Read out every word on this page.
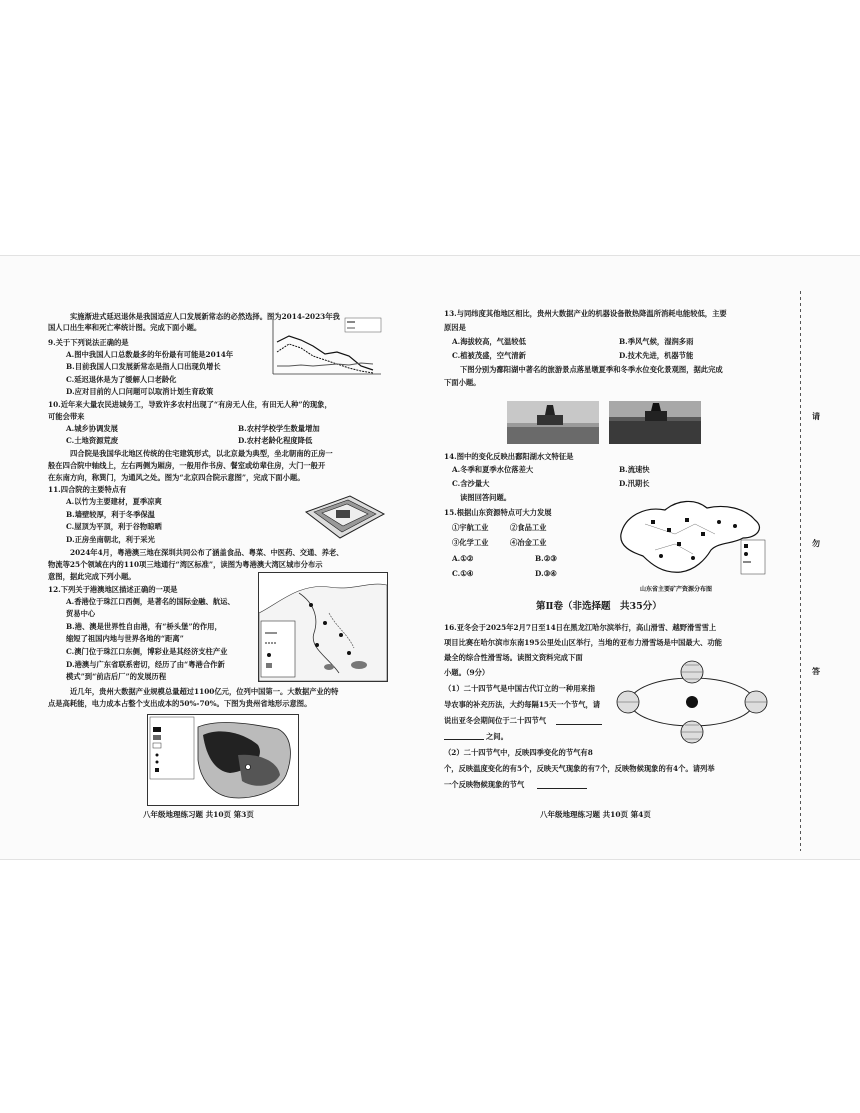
实施渐进式延迟退休是我国适应人口发展新常态的必然选择。图为2014-2023年我
国人口出生率和死亡率统计图。完成下面小题。
9.关于下列说法正确的是
A.图中我国人口总数最多的年份最有可能是2014年
B.目前我国人口发展新常态是指人口出现负增长
C.延迟退休是为了缓解人口老龄化
D.应对目前的人口问题可以取消计划生育政策
10.近年来大量农民进城务工，导致许多农村出现了“有房无人住，有田无人种”的现象，
可能会带来
A.城乡协调发展	B.农村学校学生数量增加
C.土地资源荒废	D.农村老龄化程度降低
四合院是我国华北地区传统的住宅建筑形式，以北京最为典型，坐北朝南的正房一
般在四合院中轴线上，左右两侧为厢房，一般用作书房、餐室或幼辈住房，大门一般开
在东南方向，称巽门，为通风之处。图为“北京四合院示意图”，完成下面小题。
11.四合院的主要特点有
A.以竹为主要建材，夏季凉爽
B.墙壁较厚，利于冬季保温
C.屋顶为平顶，利于谷物晾晒
D.正房坐南朝北，利于采光
2024年4月，粤港澳三地在深圳共同公布了涵盖食品、粤菜、中医药、交通、养老、
物流等25个领域在内的110项三地通行“湾区标准”，读图为粤港澳大湾区城市分布示
意图，据此完成下列小题。
12.下列关于港澳地区描述正确的一项是
A.香港位于珠江口西侧，是著名的国际金融、航运、
贸易中心
B.港、澳是世界性自由港，有“桥头堡”的作用，
缩短了祖国内地与世界各地的“距离”
C.澳门位于珠江口东侧，博彩业是其经济支柱产业
D.港澳与广东省联系密切，经历了由“粤港合作新
模式”到“前店后厂”的发展历程
近几年，贵州大数据产业规模总量超过1100亿元，位列中国第一。大数据产业的特
点是高耗能，电力成本占整个支出成本的50%-70%。下图为贵州省地形示意图。
八年级地理练习题 共10页 第3页
13.与同纬度其他地区相比，贵州大数据产业的机器设备散热降温所消耗电能较低，主要
原因是
A.海拔较高，气温较低	B.季风气候，湿润多雨
C.植被茂盛，空气清新	D.技术先进，机器节能
下图分别为鄱阳湖中著名的旅游景点落星墩夏季和冬季水位变化景观图，据此完成
下面小题。
14.图中的变化反映出鄱阳湖水文特征是
A.冬季和夏季水位落差大	B.流速快
C.含沙量大	D.汛期长
读图回答问题。
15.根据山东资源特点可大力发展
①宇航工业	②食品工业
③化学工业	④冶金工业
A.①②	B.②③
C.①④	D.③④
山东省主要矿产资源分布图
第Ⅱ卷（非选择题　共35分）
16.亚冬会于2025年2月7日至14日在黑龙江哈尔滨举行，高山滑雪、越野滑雪雪上
项目比赛在哈尔滨市东南195公里处山区举行，当地的亚布力滑雪场是中国最大、功能
最全的综合性滑雪场。读图文资料完成下面
小题。（9分）
（1）二十四节气是中国古代订立的一种用来指
导农事的补充历法，大约每隔15天一个节气，请
说出亚冬会期间位于二十四节气
之间。
（2）二十四节气中，反映四季变化的节气有8
个，反映温度变化的有5个，反映天气现象的有7个，反映物候现象的有4个。请列举
一个反映物候现象的节气
八年级地理练习题 共10页 第4页
请
勿
答
